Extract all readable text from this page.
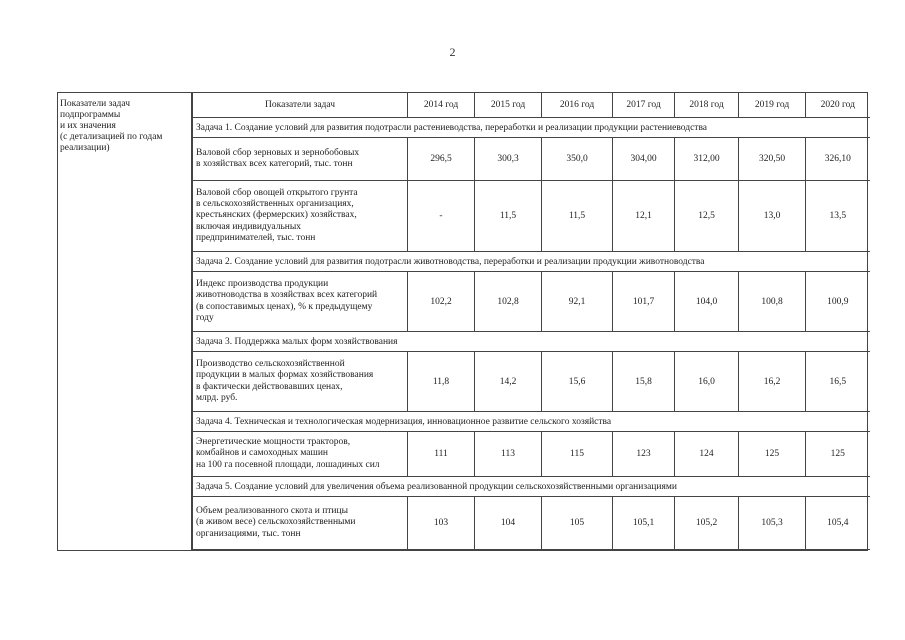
2
Показатели задач
подпрограммы
и их значения
(с детализацией по годам
реализации)
Показатели задач	2014 год	2015 год	2016 год	2017 год	2018 год	2019 год	2020 год
Задача 1. Создание условий для развития подотрасли растениеводства, переработки и реализации продукции растениеводства							
Валовой сбор зерновых и зернобобовых
в хозяйствах всех категорий, тыс. тонн	296,5	300,3	350,0	304,00	312,00	320,50	326,10
Валовой сбор овощей открытого грунта
в сельскохозяйственных организациях,
крестьянских (фермерских) хозяйствах,
включая индивидуальных
предпринимателей, тыс. тонн	-	11,5	11,5	12,1	12,5	13,0	13,5
Задача 2. Создание условий для развития подотрасли животноводства, переработки и реализации продукции животноводства							
Индекс производства продукции
животноводства в хозяйствах всех категорий
(в сопоставимых ценах), % к предыдущему
году	102,2	102,8	92,1	101,7	104,0	100,8	100,9
Задача 3. Поддержка малых форм хозяйствования							
Производство сельскохозяйственной
продукции в малых формах хозяйствования
в фактически действовавших ценах,
млрд. руб.	11,8	14,2	15,6	15,8	16,0	16,2	16,5
Задача 4. Техническая и технологическая модернизация, инновационное развитие сельского хозяйства							
Энергетические мощности тракторов,
комбайнов и самоходных машин
на 100 га посевной площади, лошадиных сил	111	113	115	123	124	125	125
Задача 5. Создание условий для увеличения объема реализованной продукции сельскохозяйственными организациями							
Объем реализованного скота и птицы
(в живом весе) сельскохозяйственными
организациями, тыс. тонн	103	104	105	105,1	105,2	105,3	105,4
